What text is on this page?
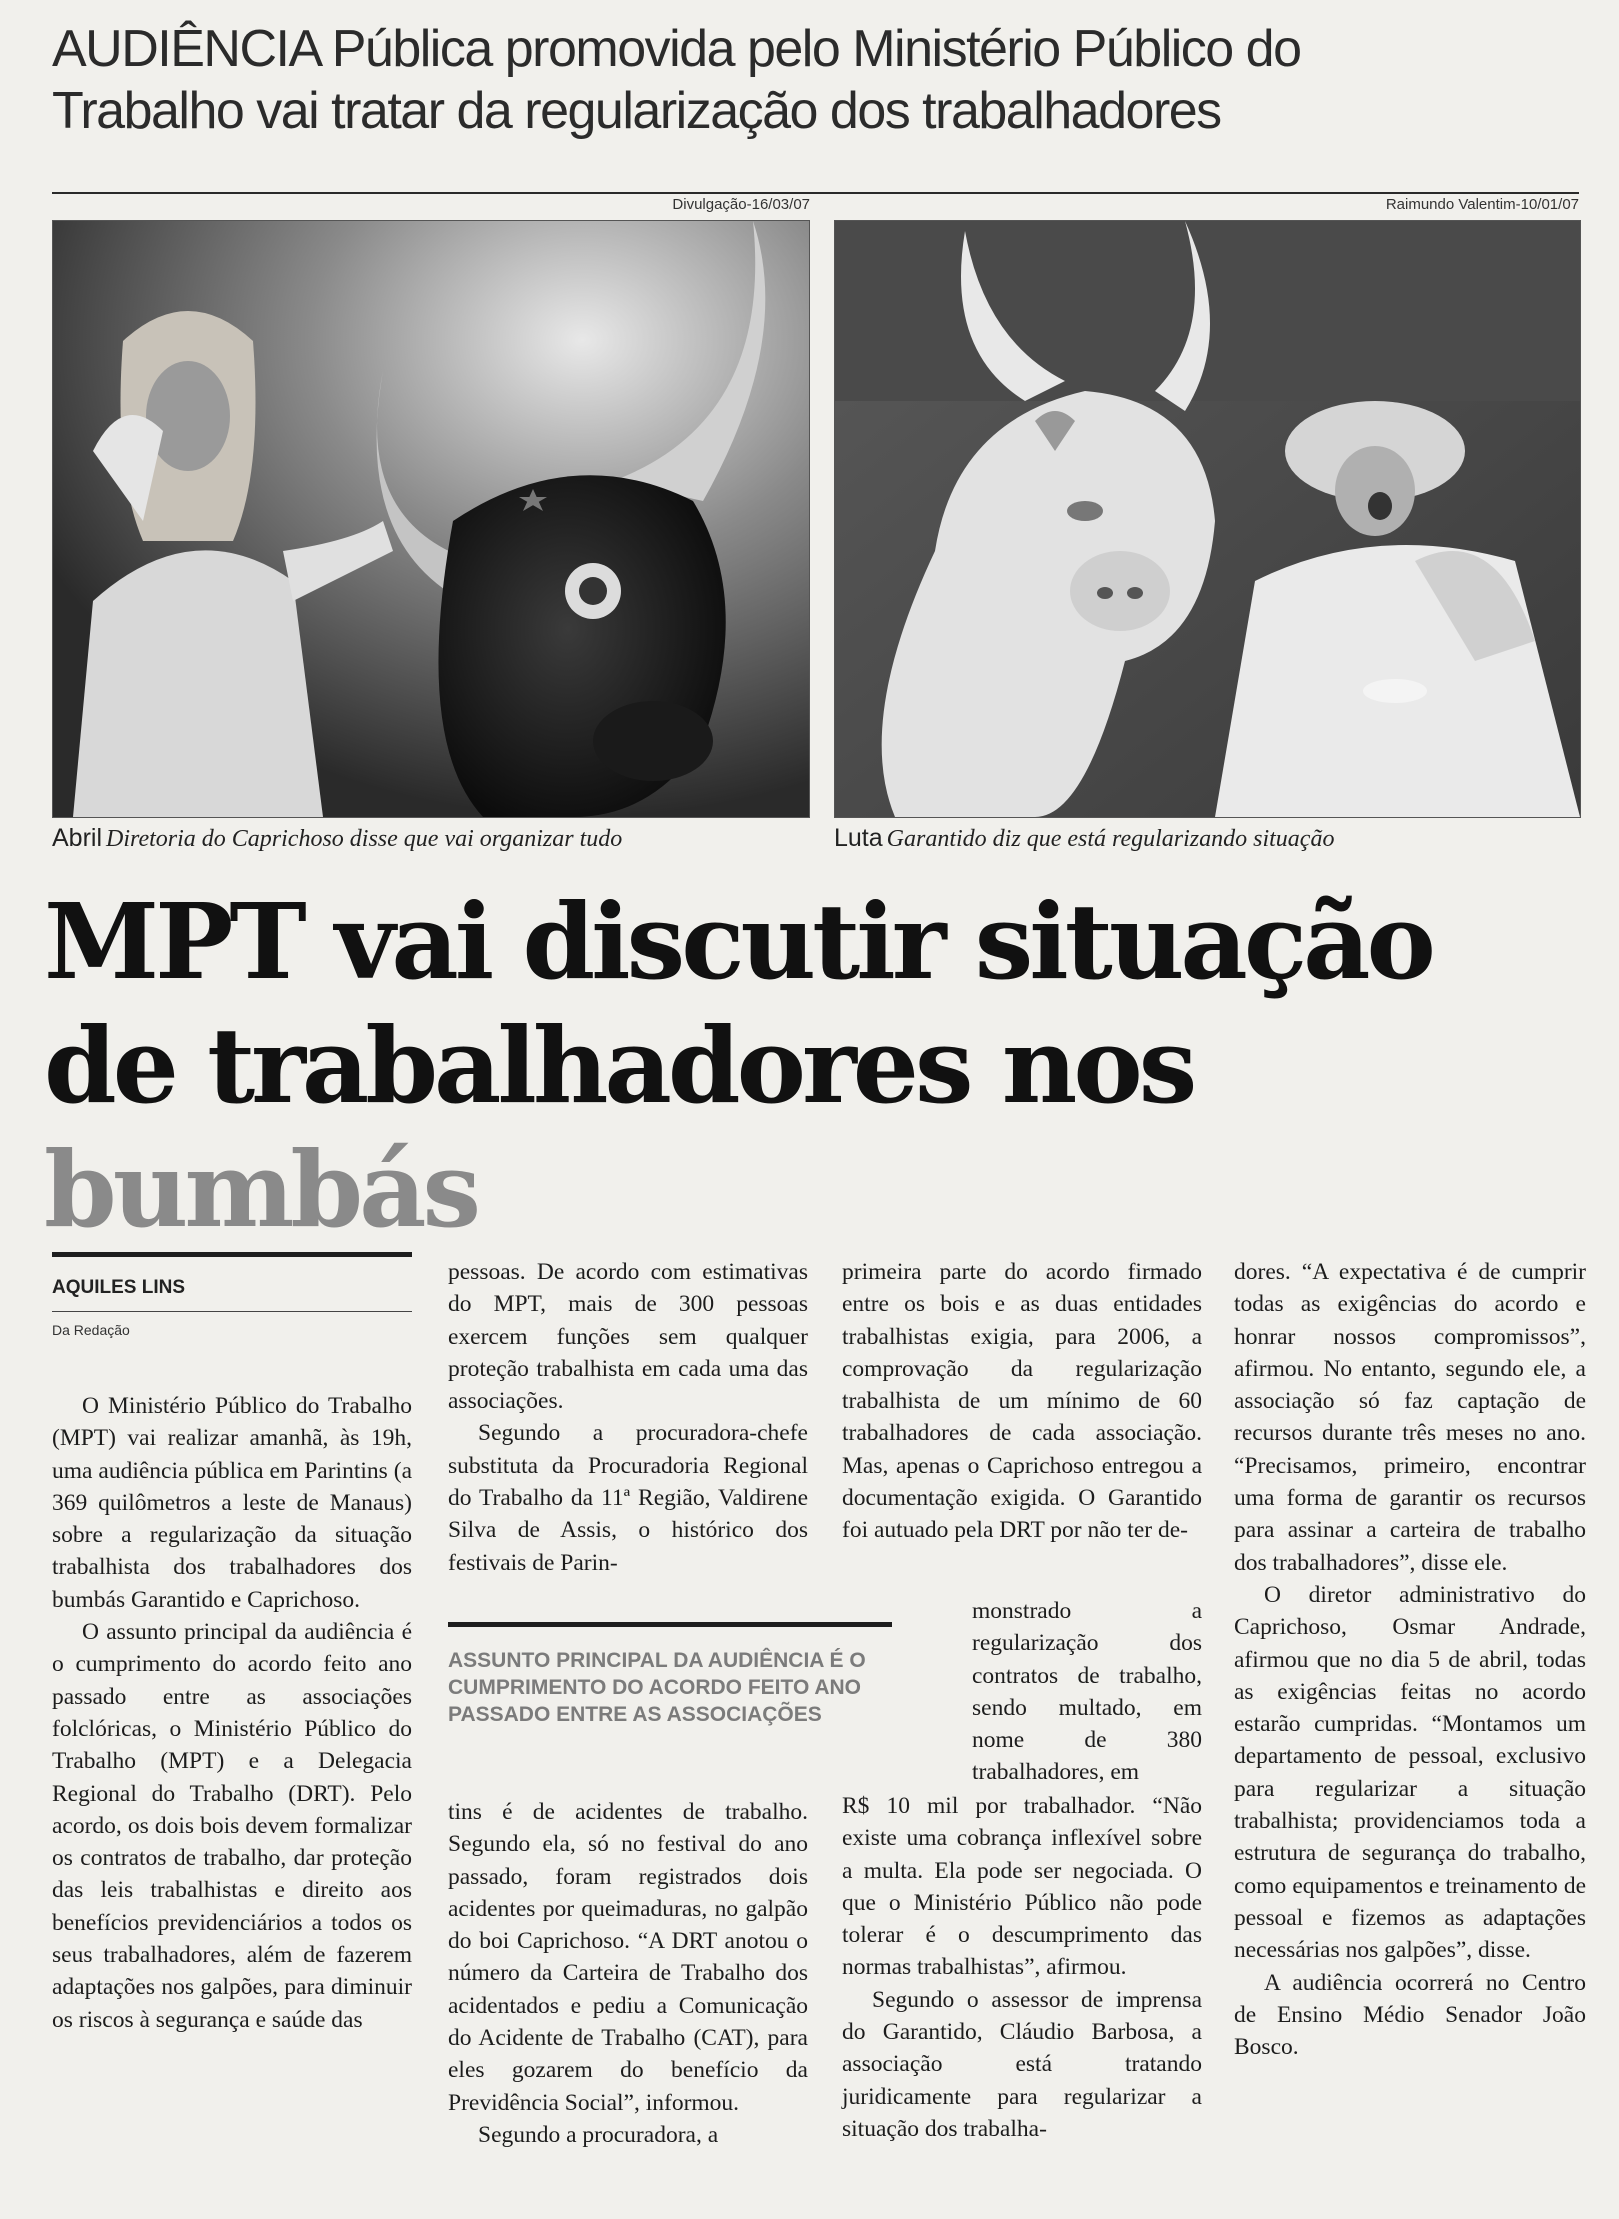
AUDIÊNCIA Pública promovida pelo Ministério Público do Trabalho vai tratar da regularização dos trabalhadores
Divulgação-16/03/07	Raimundo Valentim-10/01/07
Abril Diretoria do Caprichoso disse que vai organizar tudo	Luta Garantido diz que está regularizando situação
MPT vai discutir situação de trabalhadores nos bumbás
AQUILES LINS
Da Redação

O Ministério Público do Trabalho (MPT) vai realizar amanhã, às 19h, uma audiência pública em Parintins (a 369 quilômetros a leste de Manaus) sobre a regularização da situação trabalhista dos trabalhadores dos bumbás Garantido e Caprichoso.

O assunto principal da audiência é o cumprimento do acordo feito ano passado entre as associações folclóricas, o Ministério Público do Trabalho (MPT) e a Delegacia Regional do Trabalho (DRT). Pelo acordo, os dois bois devem formalizar os contratos de trabalho, dar proteção das leis trabalhistas e direito aos benefícios previdenciários a todos os seus trabalhadores, além de fazerem adaptações nos galpões, para diminuir os riscos à segurança e saúde das

pessoas. De acordo com estimativas do MPT, mais de 300 pessoas exercem funções sem qualquer proteção trabalhista em cada uma das associações.

Segundo a procuradora-chefe substituta da Procuradoria Regional do Trabalho da 11ª Região, Valdirene Silva de Assis, o histórico dos festivais de Parin-

ASSUNTO PRINCIPAL DA AUDIÊNCIA É O CUMPRIMENTO DO ACORDO FEITO ANO PASSADO ENTRE AS ASSOCIAÇÕES

tins é de acidentes de trabalho. Segundo ela, só no festival do ano passado, foram registrados dois acidentes por queimaduras, no galpão do boi Caprichoso. “A DRT anotou o número da Carteira de Trabalho dos acidentados e pediu a Comunicação do Acidente de Trabalho (CAT), para eles gozarem do benefício da Previdência Social”, informou.

Segundo a procuradora, a

primeira parte do acordo firmado entre os bois e as duas entidades trabalhistas exigia, para 2006, a comprovação da regularização trabalhista de um mínimo de 60 trabalhadores de cada associação. Mas, apenas o Caprichoso entregou a documentação exigida. O Garantido foi autuado pela DRT por não ter de-

monstrado a regularização dos contratos de trabalho, sendo multado, em nome de 380 trabalhadores, em

R$ 10 mil por trabalhador. “Não existe uma cobrança inflexível sobre a multa. Ela pode ser negociada. O que o Ministério Público não pode tolerar é o descumprimento das normas trabalhistas”, afirmou.

Segundo o assessor de imprensa do Garantido, Cláudio Barbosa, a associação está tratando juridicamente para regularizar a situação dos trabalha-

dores. “A expectativa é de cumprir todas as exigências do acordo e honrar nossos compromissos”, afirmou. No entanto, segundo ele, a associação só faz captação de recursos durante três meses no ano. “Precisamos, primeiro, encontrar uma forma de garantir os recursos para assinar a carteira de trabalho dos trabalhadores”, disse ele.

O diretor administrativo do Caprichoso, Osmar Andrade, afirmou que no dia 5 de abril, todas as exigências feitas no acordo estarão cumpridas. “Montamos um departamento de pessoal, exclusivo para regularizar a situação trabalhista; providenciamos toda a estrutura de segurança do trabalho, como equipamentos e treinamento de pessoal e fizemos as adaptações necessárias nos galpões”, disse.

A audiência ocorrerá no Centro de Ensino Médio Senador João Bosco.
